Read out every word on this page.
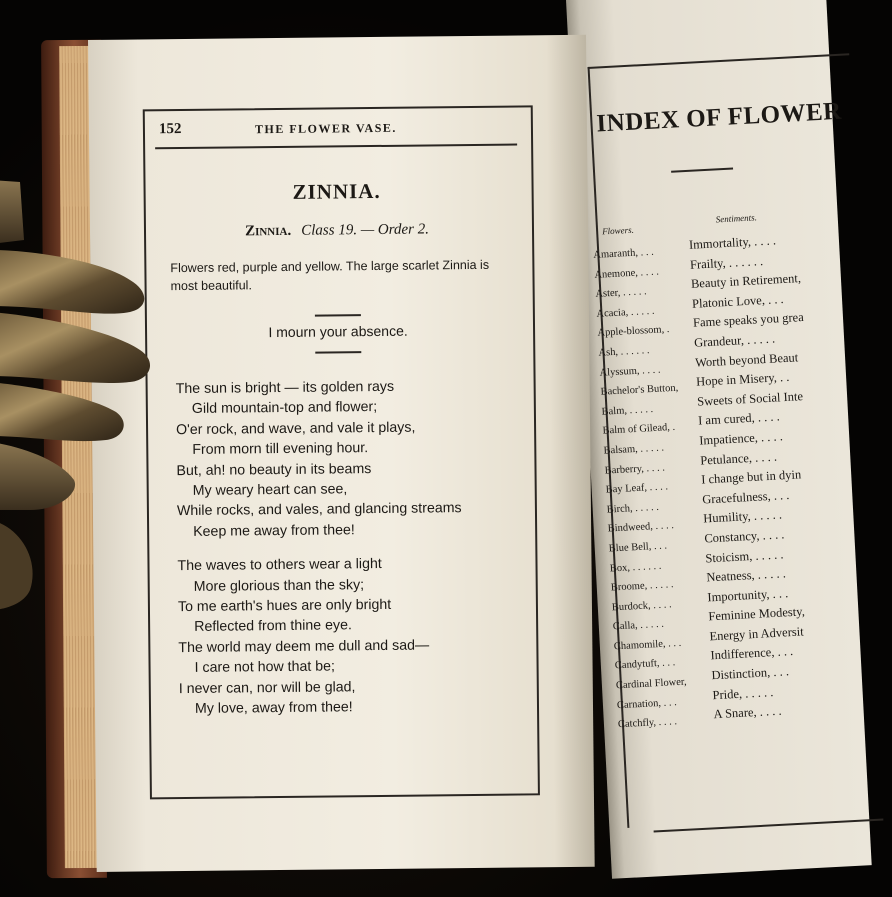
INDEX OF FLOWER
Flowers.
Sentiments.
Amaranth, . . .
Immortality, . . . .
Anemone, . . . .
Frailty, . . . . . .
Aster, . . . . .
Beauty in Retirement,
Acacia, . . . . .
Platonic Love, . . .
Apple-blossom, .
Fame speaks you grea
Ash, . . . . . .
Grandeur, . . . . .
Alyssum, . . . .
Worth beyond Beaut
Bachelor's Button,
Hope in Misery, . .
Balm, . . . . .
Sweets of Social Inte
Balm of Gilead, .
I am cured, . . . .
Balsam, . . . . .
Impatience, . . . .
Barberry, . . . .
Petulance, . . . .
Bay Leaf, . . . .
I change but in dyin
Birch, . . . . .
Gracefulness, . . .
Bindweed, . . . .
Humility, . . . . .
Blue Bell, . . .
Constancy, . . . .
Box, . . . . . .
Stoicism, . . . . .
Broome, . . . . .
Neatness, . . . . .
Burdock, . . . .
Importunity, . . .
Calla, . . . . .
Feminine Modesty,
Chamomile, . . .
Energy in Adversit
Candytuft, . . .
Indifference, . . .
Cardinal Flower,
Distinction, . . .
Carnation, . . .
Pride, . . . . .
Catchfly, . . . .
A Snare, . . . .
152	THE FLOWER VASE.
ZINNIA.
Zinnia. Class 19. — Order 2.
Flowers red, purple and yellow. The large scarlet Zinnia is most beautiful.
I mourn your absence.
The sun is bright — its golden rays
Gild mountain-top and flower;
O'er rock, and wave, and vale it plays,
From morn till evening hour.
But, ah! no beauty in its beams
My weary heart can see,
While rocks, and vales, and glancing streams
Keep me away from thee!
The waves to others wear a light
More glorious than the sky;
To me earth's hues are only bright
Reflected from thine eye.
The world may deem me dull and sad—
I care not how that be;
I never can, nor will be glad,
My love, away from thee!
